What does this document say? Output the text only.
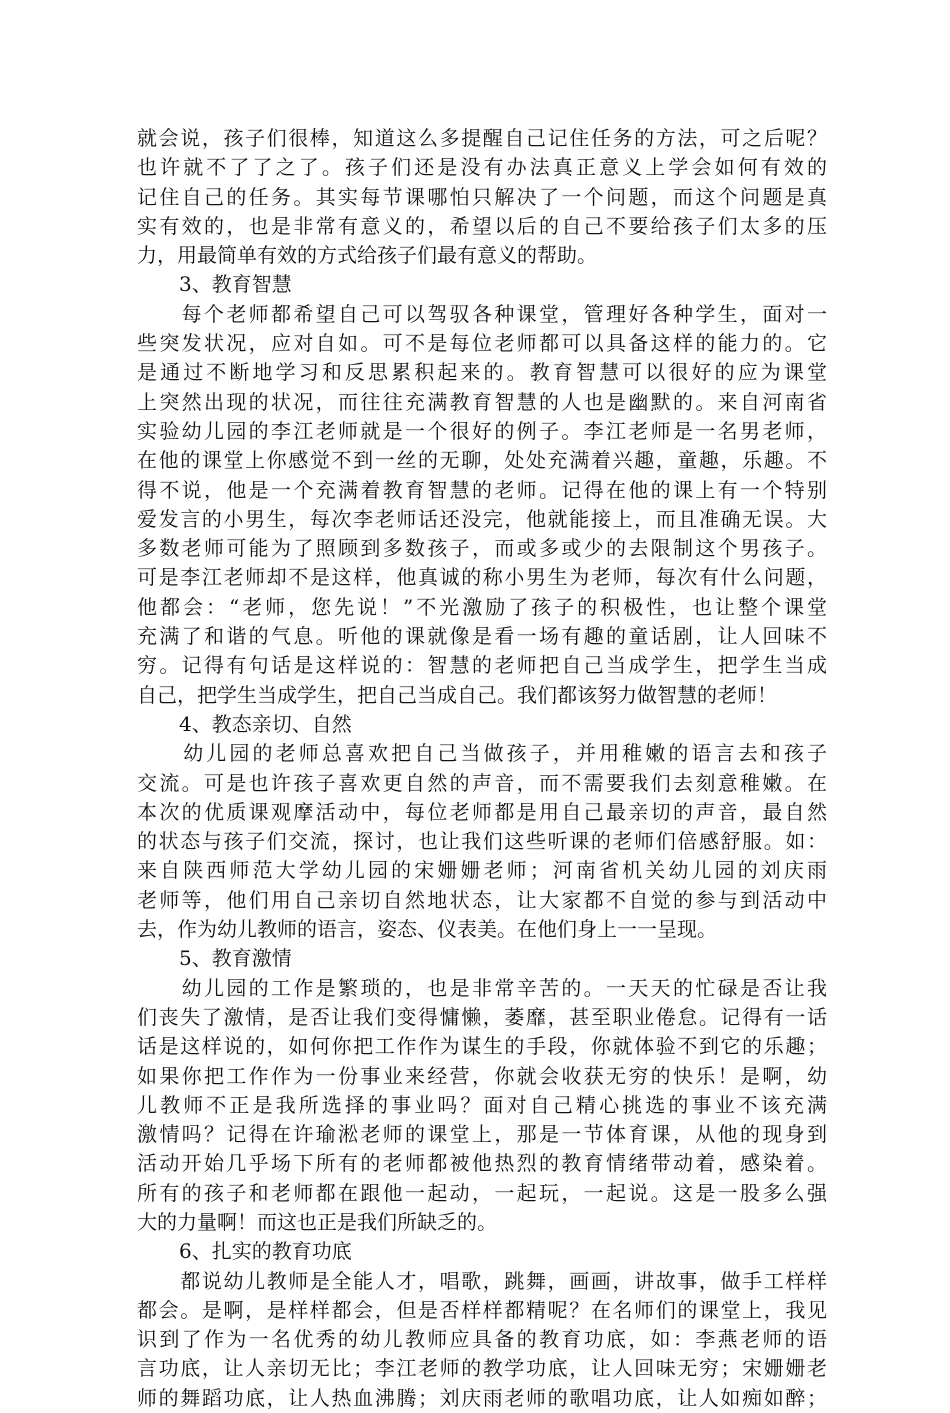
就会说，孩子们很棒，知道这么多提醒自己记住任务的方法，可之后呢？
也许就不了了之了。孩子们还是没有办法真正意义上学会如何有效的
记住自己的任务。其实每节课哪怕只解决了一个问题，而这个问题是真
实有效的，也是非常有意义的，希望以后的自己不要给孩子们太多的压
力，用最简单有效的方式给孩子们最有意义的帮助。
3、教育智慧
　　每个老师都希望自己可以驾驭各种课堂，管理好各种学生，面对一
些突发状况，应对自如。可不是每位老师都可以具备这样的能力的。它
是通过不断地学习和反思累积起来的。教育智慧可以很好的应为课堂
上突然出现的状况，而往往充满教育智慧的人也是幽默的。来自河南省
实验幼儿园的李江老师就是一个很好的例子。李江老师是一名男老师，
在他的课堂上你感觉不到一丝的无聊，处处充满着兴趣，童趣，乐趣。不
得不说，他是一个充满着教育智慧的老师。记得在他的课上有一个特别
爱发言的小男生，每次李老师话还没完，他就能接上，而且准确无误。大
多数老师可能为了照顾到多数孩子，而或多或少的去限制这个男孩子。
可是李江老师却不是这样，他真诚的称小男生为老师，每次有什么问题，
他都会：“老师，您先说！”不光激励了孩子的积极性，也让整个课堂
充满了和谐的气息。听他的课就像是看一场有趣的童话剧，让人回味不
穷。记得有句话是这样说的：智慧的老师把自己当成学生，把学生当成
自己，把学生当成学生，把自己当成自己。我们都该努力做智慧的老师！
4、教态亲切、自然
　　幼儿园的老师总喜欢把自己当做孩子，并用稚嫩的语言去和孩子
交流。可是也许孩子喜欢更自然的声音，而不需要我们去刻意稚嫩。在
本次的优质课观摩活动中，每位老师都是用自己最亲切的声音，最自然
的状态与孩子们交流，探讨，也让我们这些听课的老师们倍感舒服。如：
来自陕西师范大学幼儿园的宋姗姗老师；河南省机关幼儿园的刘庆雨
老师等，他们用自己亲切自然地状态，让大家都不自觉的参与到活动中
去，作为幼儿教师的语言，姿态、仪表美。在他们身上一一呈现。
5、教育激情
　　幼儿园的工作是繁琐的，也是非常辛苦的。一天天的忙碌是否让我
们丧失了激情，是否让我们变得慵懒，萎靡，甚至职业倦怠。记得有一话
话是这样说的，如何你把工作作为谋生的手段，你就体验不到它的乐趣；
如果你把工作作为一份事业来经营，你就会收获无穷的快乐！是啊，幼
儿教师不正是我所选择的事业吗？面对自己精心挑选的事业不该充满
激情吗？记得在许瑜淞老师的课堂上，那是一节体育课，从他的现身到
活动开始几乎场下所有的老师都被他热烈的教育情绪带动着，感染着。
所有的孩子和老师都在跟他一起动，一起玩，一起说。这是一股多么强
大的力量啊！而这也正是我们所缺乏的。
6、扎实的教育功底
　　都说幼儿教师是全能人才，唱歌，跳舞，画画，讲故事，做手工样样
都会。是啊，是样样都会，但是否样样都精呢？在名师们的课堂上，我见
识到了作为一名优秀的幼儿教师应具备的教育功底，如：李燕老师的语
言功底，让人亲切无比；李江老师的教学功底，让人回味无穷；宋姗姗老
师的舞蹈功底，让人热血沸腾；刘庆雨老师的歌唱功底，让人如痴如醉；
